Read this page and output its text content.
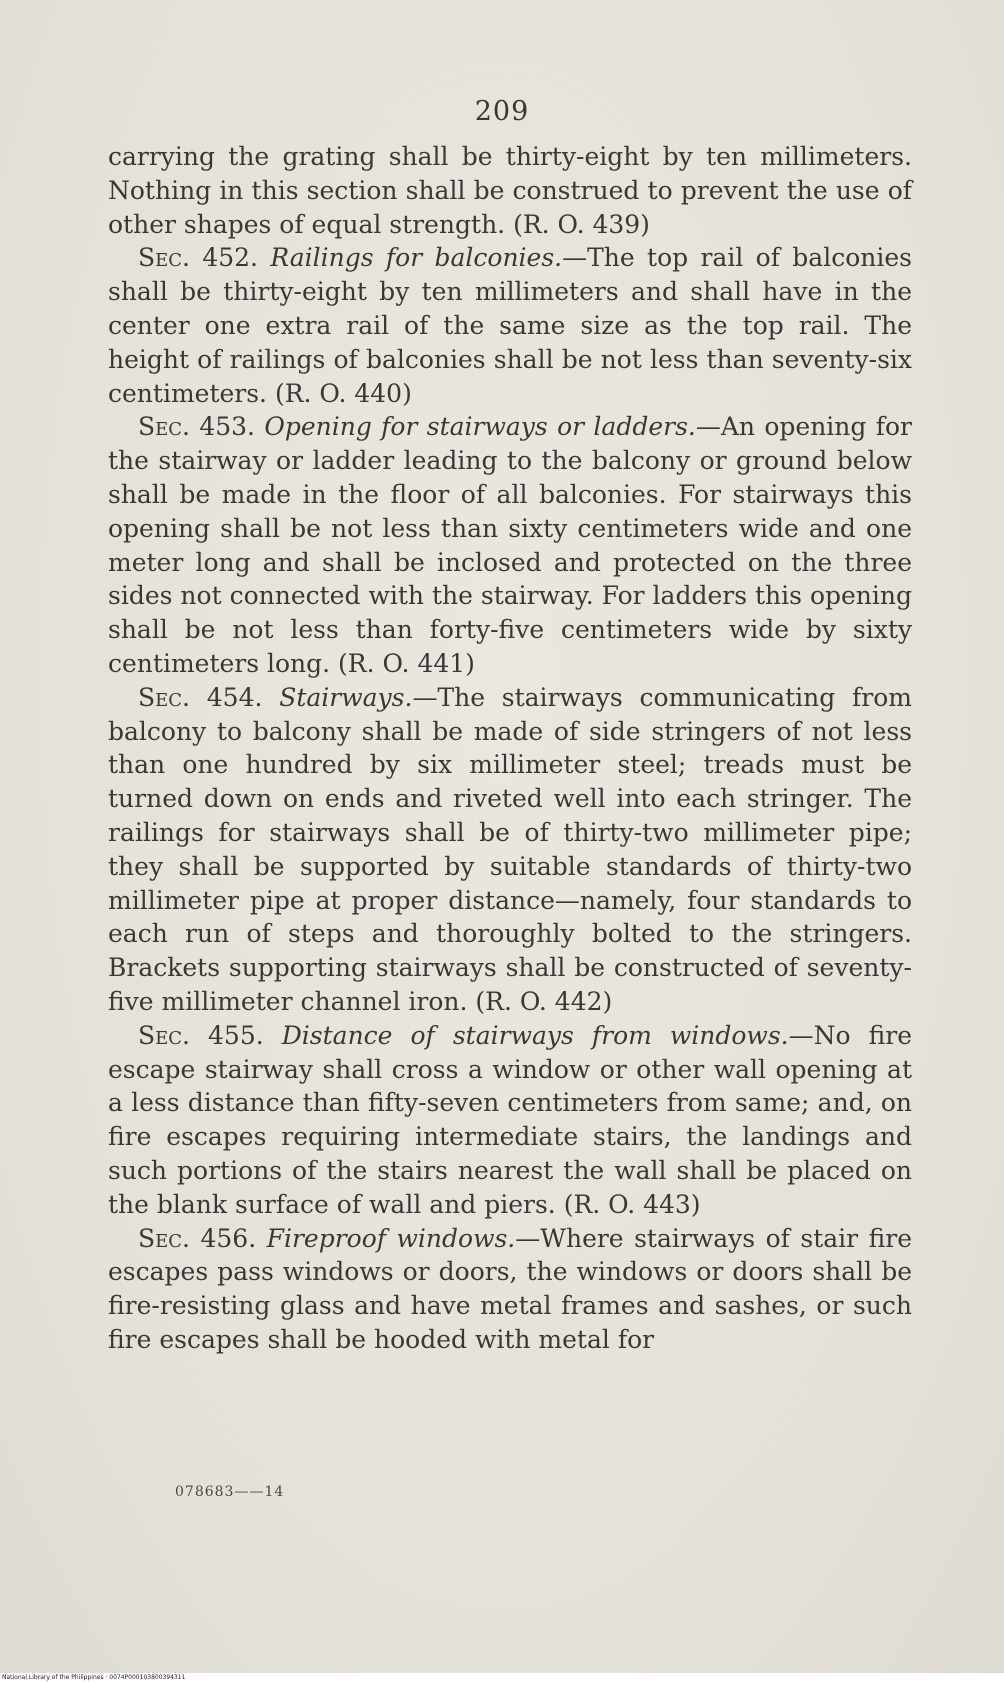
209

carrying the grating shall be thirty-eight by ten millimeters. Nothing in this section shall be construed to prevent the use of other shapes of equal strength. (R. O. 439)

Sec. 452. Railings for balconies.—The top rail of balconies shall be thirty-eight by ten millimeters and shall have in the center one extra rail of the same size as the top rail. The height of railings of balconies shall be not less than seventy-six centimeters. (R. O. 440)

Sec. 453. Opening for stairways or ladders.—An opening for the stairway or ladder leading to the balcony or ground below shall be made in the floor of all balconies. For stairways this opening shall be not less than sixty centimeters wide and one meter long and shall be inclosed and protected on the three sides not connected with the stairway. For ladders this opening shall be not less than forty-five centimeters wide by sixty centimeters long. (R. O. 441)

Sec. 454. Stairways.—The stairways communicating from balcony to balcony shall be made of side stringers of not less than one hundred by six millimeter steel; treads must be turned down on ends and riveted well into each stringer. The railings for stairways shall be of thirty-two millimeter pipe; they shall be supported by suitable standards of thirty-two millimeter pipe at proper distance—namely, four standards to each run of steps and thoroughly bolted to the stringers. Brackets supporting stairways shall be constructed of seventy-five millimeter channel iron. (R. O. 442)

Sec. 455. Distance of stairways from windows.—No fire escape stairway shall cross a window or other wall opening at a less distance than fifty-seven centimeters from same; and, on fire escapes requiring intermediate stairs, the landings and such portions of the stairs nearest the wall shall be placed on the blank surface of wall and piers. (R. O. 443)

Sec. 456. Fireproof windows.—Where stairways of stair fire escapes pass windows or doors, the windows or doors shall be fire-resisting glass and have metal frames and sashes, or such fire escapes shall be hooded with metal for

078683——14
National Library of the Philippines · 0074P000103800394311
